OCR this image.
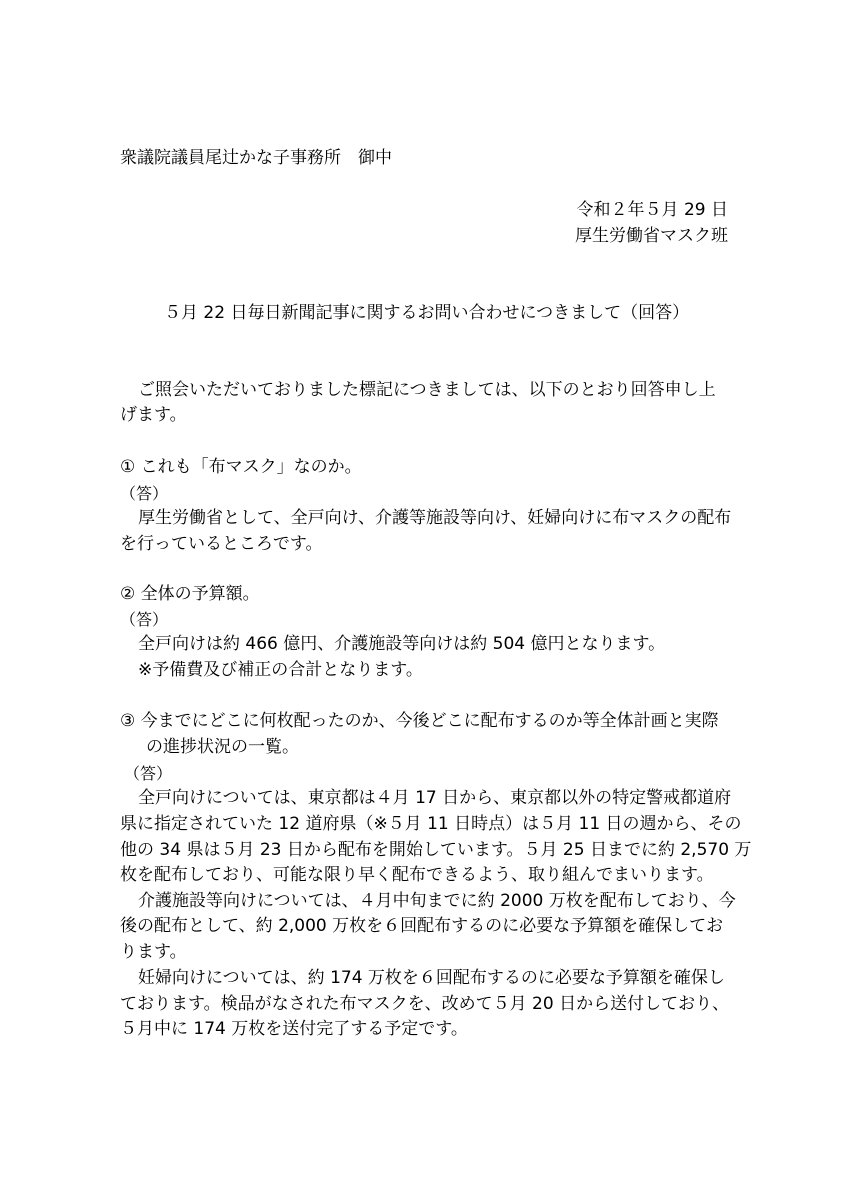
衆議院議員尾辻かな子事務所　御中

令和２年５月 29 日

厚生労働省マスク班

５月 22 日毎日新聞記事に関するお問い合わせにつきまして（回答）

ご照会いただいておりました標記につきましては、以下のとおり回答申し上

げます。

① これも「布マスク」なのか。

（答）

厚生労働省として、全戸向け、介護等施設等向け、妊婦向けに布マスクの配布

を行っているところです。

② 全体の予算額。

（答）

全戸向けは約 466 億円、介護施設等向けは約 504 億円となります。

※予備費及び補正の合計となります。

③ 今までにどこに何枚配ったのか、今後どこに配布するのか等全体計画と実際

の進捗状況の一覧。

（答）

全戸向けについては、東京都は４月 17 日から、東京都以外の特定警戒都道府

県に指定されていた 12 道府県（※５月 11 日時点）は５月 11 日の週から、その

他の 34 県は５月 23 日から配布を開始しています。５月 25 日までに約 2,570 万

枚を配布しており、可能な限り早く配布できるよう、取り組んでまいります。

介護施設等向けについては、４月中旬までに約 2000 万枚を配布しており、今

後の配布として、約 2,000 万枚を６回配布するのに必要な予算額を確保してお

ります。

妊婦向けについては、約 174 万枚を６回配布するのに必要な予算額を確保し

ております。検品がなされた布マスクを、改めて５月 20 日から送付しており、

５月中に 174 万枚を送付完了する予定です。
